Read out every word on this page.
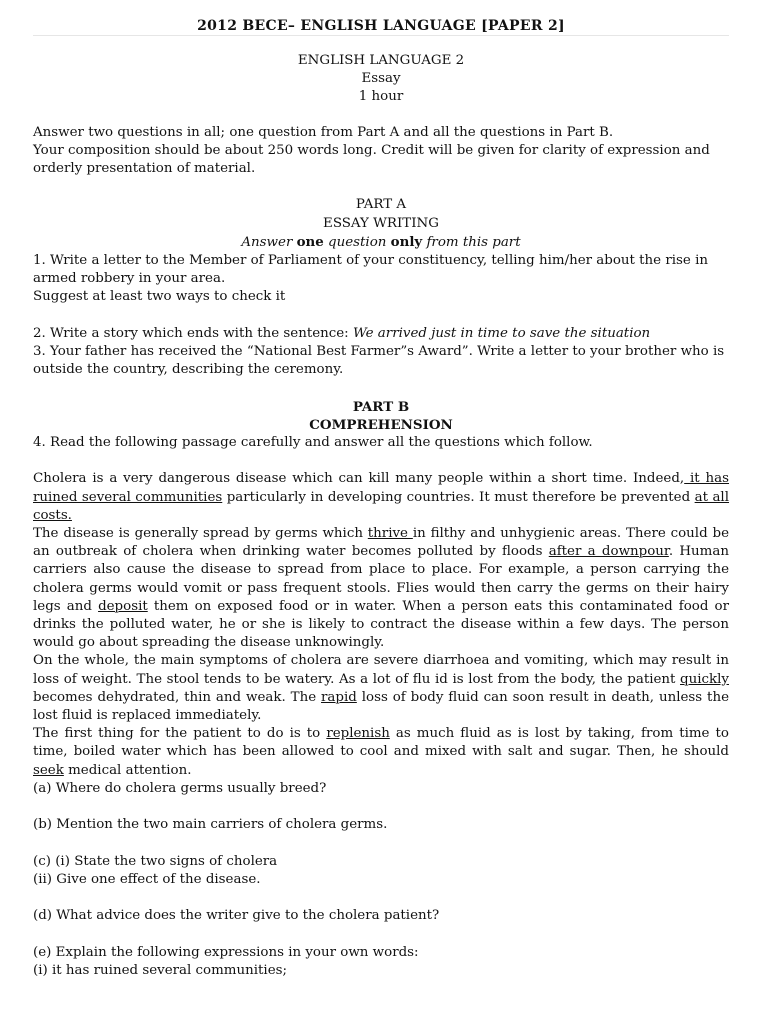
2012 BECE– ENGLISH LANGUAGE [PAPER 2]

ENGLISH LANGUAGE 2

Essay

1 hour

Answer two questions in all; one question from Part A and all the questions in Part B.

Your composition should be about 250 words long. Credit will be given for clarity of expression and orderly presentation of material.

PART A

ESSAY WRITING

Answer one question only from this part

1. Write a letter to the Member of Parliament of your constituency, telling him/her about the rise in armed robbery in your area.

Suggest at least two ways to check it

2. Write a story which ends with the sentence: We arrived just in time to save the situation

3. Your father has received the “National Best Farmer”s Award”. Write a letter to your brother who is outside the country, describing the ceremony.

PART B

COMPREHENSION

4. Read the following passage carefully and answer all the questions which follow.

Cholera is a very dangerous disease which can kill many people within a short time. Indeed, it has ruined several communities particularly in developing countries. It must therefore be prevented at all costs.

The disease is generally spread by germs which thrive in filthy and unhygienic areas. There could be an outbreak of cholera when drinking water becomes polluted by floods after a downpour. Human carriers also cause the disease to spread from place to place. For example, a person carrying the cholera germs would vomit or pass frequent stools. Flies would then carry the germs on their hairy legs and deposit them on exposed food or in water. When a person eats this contaminated food or drinks the polluted water, he or she is likely to contract the disease within a few days. The person would go about spreading the disease unknowingly.

On the whole, the main symptoms of cholera are severe diarrhoea and vomiting, which may result in loss of weight. The stool tends to be watery. As a lot of flu id is lost from the body, the patient quickly becomes dehydrated, thin and weak. The rapid loss of body fluid can soon result in death, unless the lost fluid is replaced immediately.

The first thing for the patient to do is to replenish as much fluid as is lost by taking, from time to time, boiled water which has been allowed to cool and mixed with salt and sugar. Then, he should seek medical attention.

(a) Where do cholera germs usually breed?

(b) Mention the two main carriers of cholera germs.

(c) (i) State the two signs of cholera

(ii) Give one effect of the disease.

(d) What advice does the writer give to the cholera patient?

(e) Explain the following expressions in your own words:

(i) it has ruined several communities;
